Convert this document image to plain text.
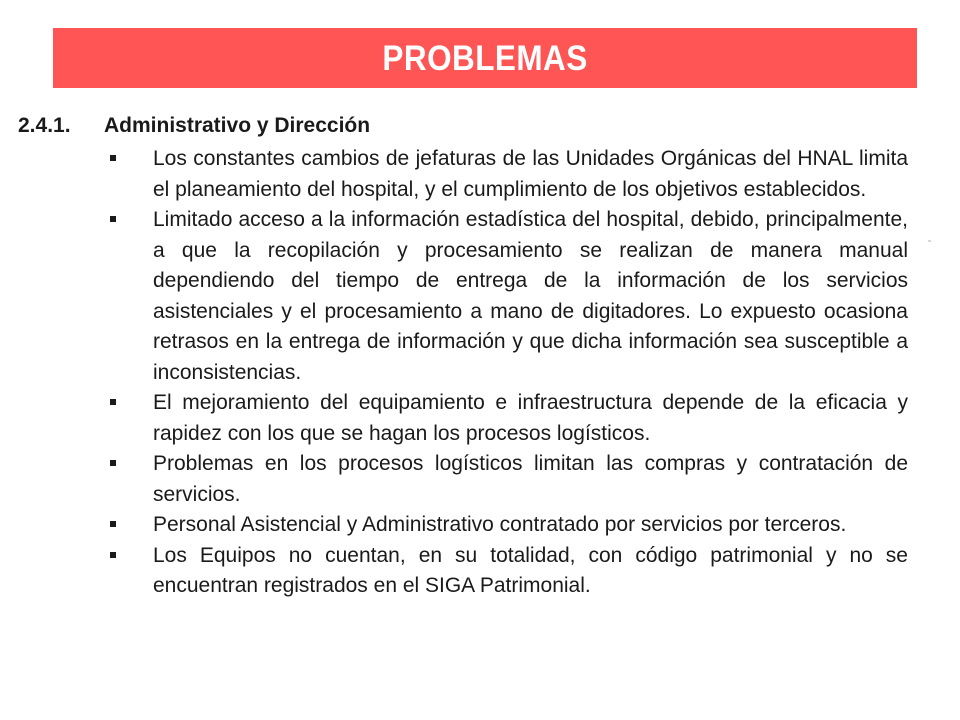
PROBLEMAS
2.4.1. Administrativo y Dirección
Los constantes cambios de jefaturas de las Unidades Orgánicas del HNAL limita el planeamiento del hospital, y el cumplimiento de los objetivos establecidos.
Limitado acceso a la información estadística del hospital, debido, principalmente, a que la recopilación y procesamiento se realizan de manera manual dependiendo del tiempo de entrega de la información de los servicios asistenciales y el procesamiento a mano de digitadores. Lo expuesto ocasiona retrasos en la entrega de información y que dicha información sea susceptible a inconsistencias.
El mejoramiento del equipamiento e infraestructura depende de la eficacia y rapidez con los que se hagan los procesos logísticos.
Problemas en los procesos logísticos limitan las compras y contratación de servicios.
Personal Asistencial y Administrativo contratado por servicios por terceros.
Los Equipos no cuentan, en su totalidad, con código patrimonial y no se encuentran registrados en el SIGA Patrimonial.
